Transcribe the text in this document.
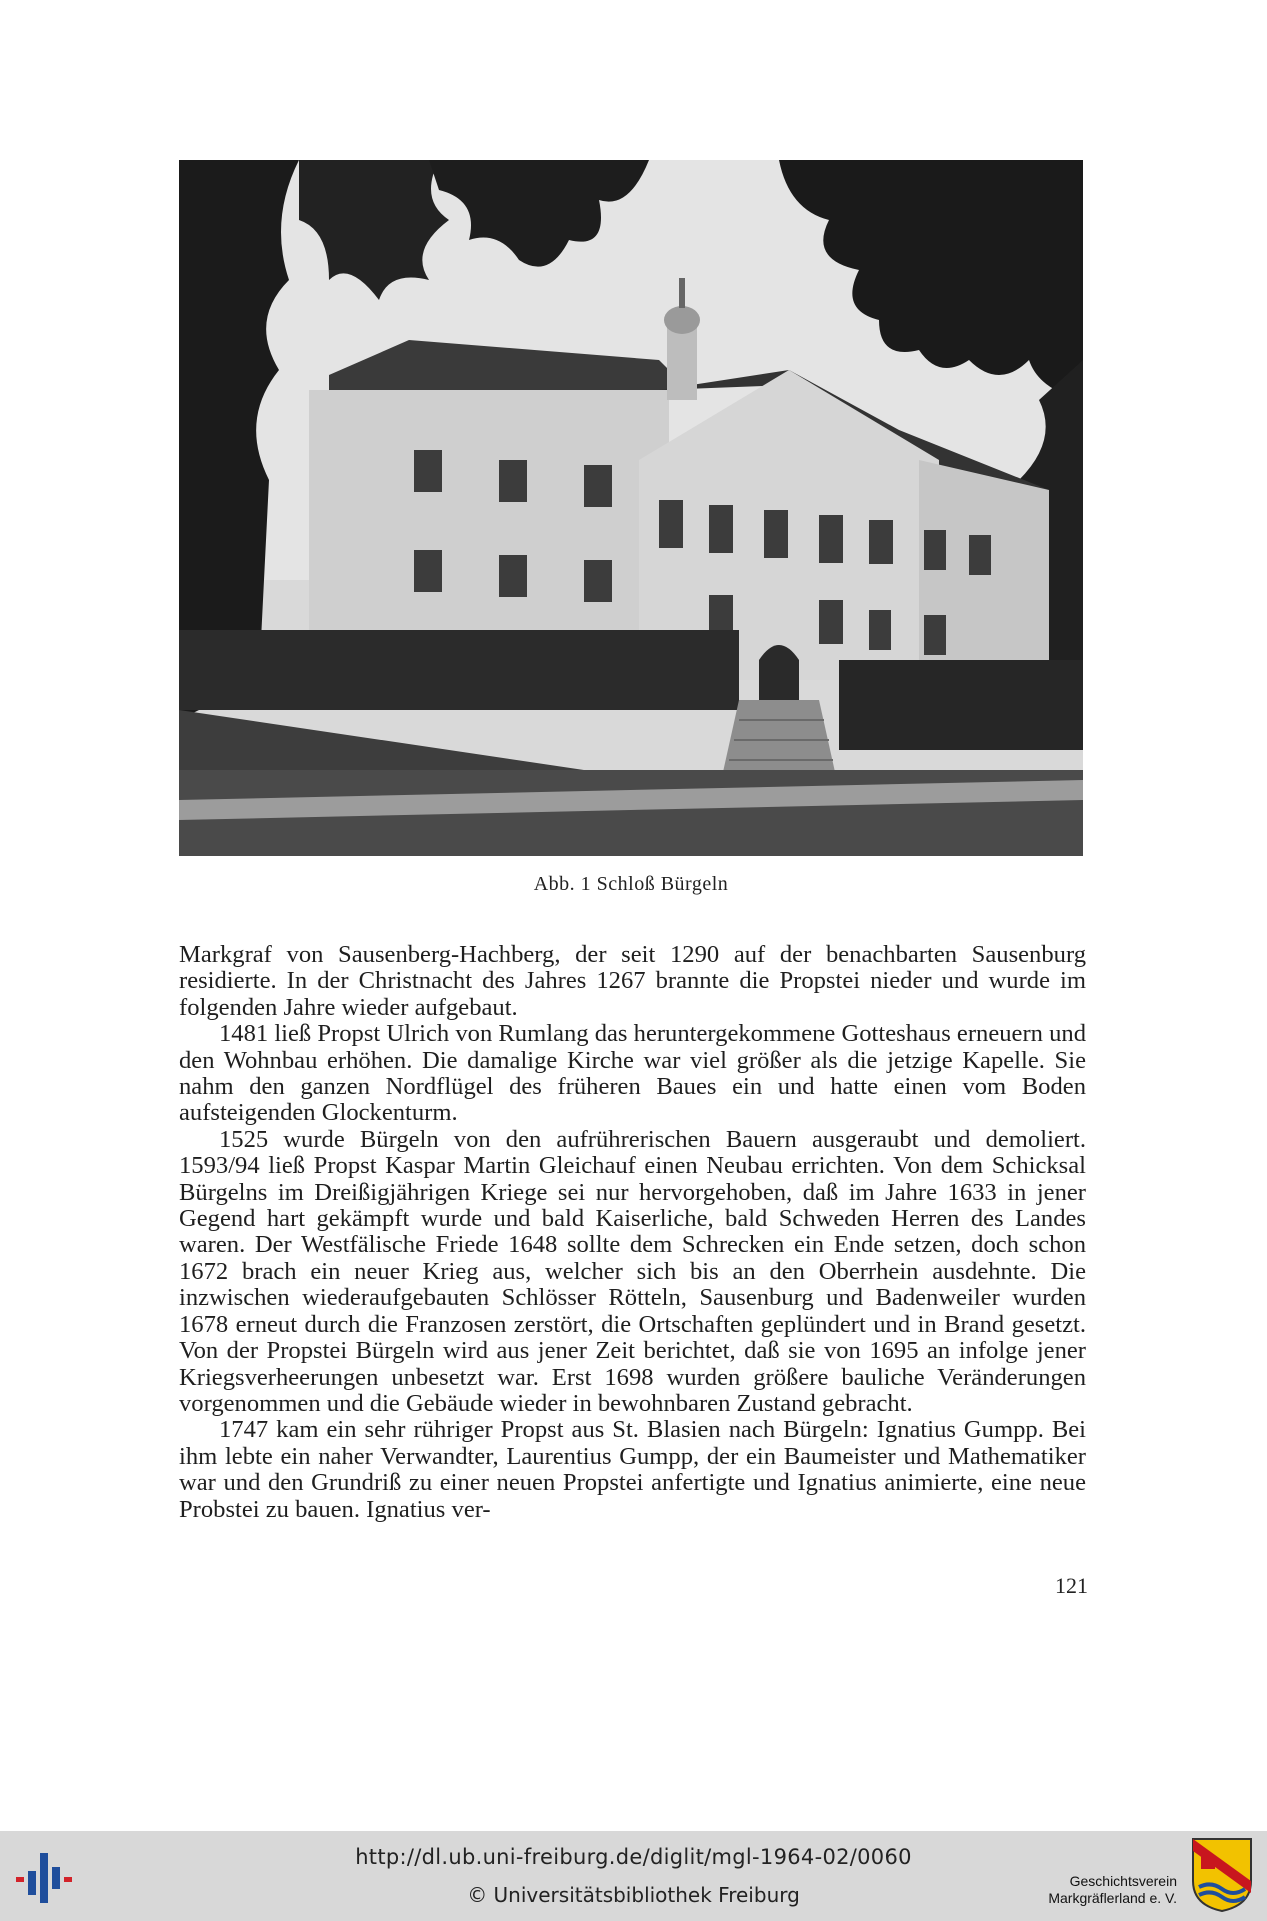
Abb. 1 Schloß Bürgeln

Markgraf von Sausenberg-Hachberg, der seit 1290 auf der benachbarten Sausenburg residierte. In der Christnacht des Jahres 1267 brannte die Propstei nieder und wurde im folgenden Jahre wieder aufgebaut.

1481 ließ Propst Ulrich von Rumlang das heruntergekommene Gotteshaus erneuern und den Wohnbau erhöhen. Die damalige Kirche war viel größer als die jetzige Kapelle. Sie nahm den ganzen Nordflügel des früheren Baues ein und hatte einen vom Boden aufsteigenden Glockenturm.

1525 wurde Bürgeln von den aufrührerischen Bauern ausgeraubt und demoliert. 1593/94 ließ Propst Kaspar Martin Gleichauf einen Neubau errichten. Von dem Schicksal Bürgelns im Dreißigjährigen Kriege sei nur hervorgehoben, daß im Jahre 1633 in jener Gegend hart gekämpft wurde und bald Kaiserliche, bald Schweden Herren des Landes waren. Der Westfälische Friede 1648 sollte dem Schrecken ein Ende setzen, doch schon 1672 brach ein neuer Krieg aus, welcher sich bis an den Oberrhein ausdehnte. Die inzwischen wiederaufgebauten Schlösser Rötteln, Sausenburg und Badenweiler wurden 1678 erneut durch die Franzosen zerstört, die Ortschaften geplündert und in Brand gesetzt. Von der Propstei Bürgeln wird aus jener Zeit berichtet, daß sie von 1695 an infolge jener Kriegsverheerungen unbesetzt war. Erst 1698 wurden größere bauliche Veränderungen vorgenommen und die Gebäude wieder in bewohnbaren Zustand gebracht.

1747 kam ein sehr rühriger Propst aus St. Blasien nach Bürgeln: Ignatius Gumpp. Bei ihm lebte ein naher Verwandter, Laurentius Gumpp, der ein Baumeister und Mathematiker war und den Grundriß zu einer neuen Propstei anfertigte und Ignatius animierte, eine neue Probstei zu bauen. Ignatius ver-

121
http://dl.ub.uni-freiburg.de/diglit/mgl-1964-02/0060
© Universitätsbibliothek Freiburg
Geschichtsverein
Markgräflerland e. V.
